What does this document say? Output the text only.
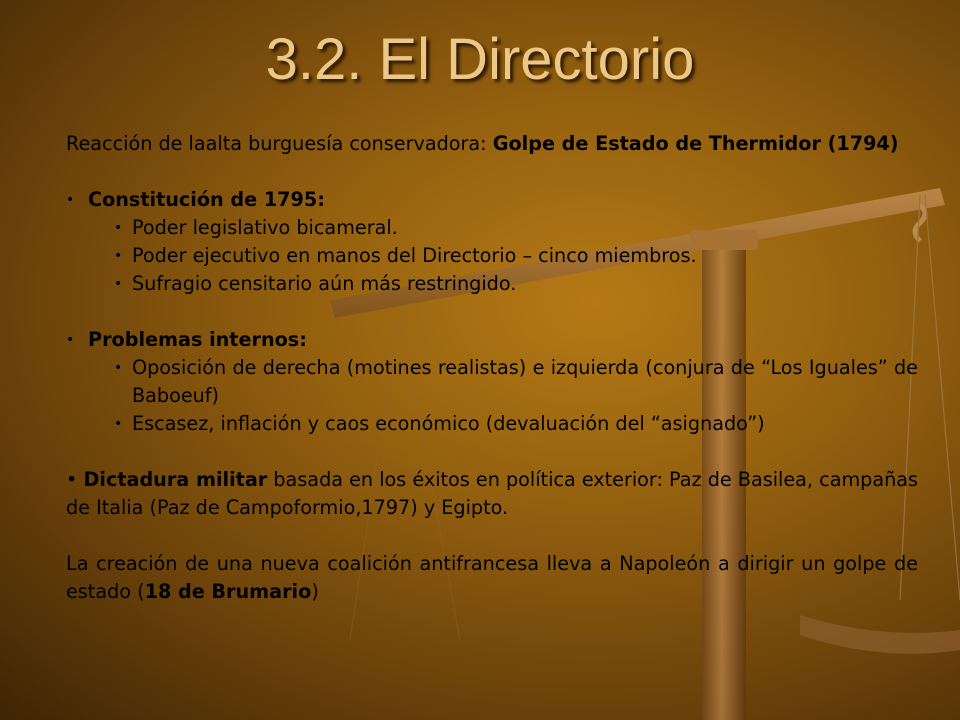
3.2. El Directorio

Reacción de laalta burguesía conservadora: Golpe de Estado de Thermidor (1794)

• Constitución de 1795:
• Poder legislativo bicameral.
• Poder ejecutivo en manos del Directorio – cinco miembros.
• Sufragio censitario aún más restringido.
• Problemas internos:
• Oposición de derecha (motines realistas) e izquierda (conjura de “Los Iguales” de Baboeuf)
• Escasez, inflación y caos económico (devaluación del “asignado”)

• Dictadura militar basada en los éxitos en política exterior: Paz de Basilea, campañas de Italia (Paz de Campoformio,1797) y Egipto.

La creación de una nueva coalición antifrancesa lleva a Napoleón a dirigir un golpe de estado (18 de Brumario)
